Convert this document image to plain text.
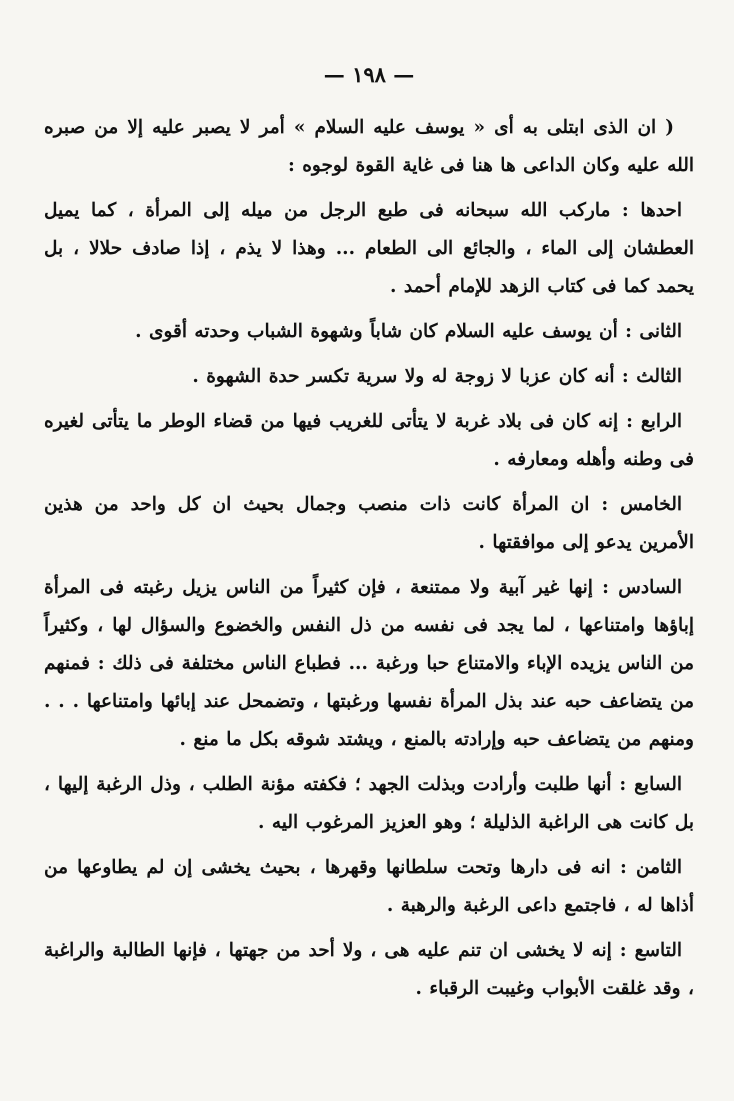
— ١٩٨ —

( ان الذى ابتلى به أى « يوسف عليه السلام » أمر لا يصبر عليه إلا من صبره الله عليه وكان الداعى ها هنا فى غاية القوة لوجوه :

احدها : ماركب الله سبحانه فى طبع الرجل من ميله إلى المرأة ، كما يميل العطشان إلى الماء ، والجائع الى الطعام ... وهذا لا يذم ، إذا صادف حلالا ، بل يحمد كما فى كتاب الزهد للإمام أحمد .

الثانى : أن يوسف عليه السلام كان شاباً وشهوة الشباب وحدته أقوى .

الثالث : أنه كان عزبا لا زوجة له ولا سرية تكسر حدة الشهوة .

الرابع : إنه كان فى بلاد غربة لا يتأتى للغريب فيها من قضاء الوطر ما يتأتى لغيره فى وطنه وأهله ومعارفه .

الخامس : ان المرأة كانت ذات منصب وجمال بحيث ان كل واحد من هذين الأمرين يدعو إلى موافقتها .

السادس : إنها غير آبية ولا ممتنعة ، فإن كثيراً من الناس يزيل رغبته فى المرأة إباؤها وامتناعها ، لما يجد فى نفسه من ذل النفس والخضوع والسؤال لها ، وكثيراً من الناس يزيده الإباء والامتناع حبا ورغبة ... فطباع الناس مختلفة فى ذلك : فمنهم من يتضاعف حبه عند بذل المرأة نفسها ورغبتها ، وتضمحل عند إبائها وامتناعها . . . ومنهم من يتضاعف حبه وإرادته بالمنع ، ويشتد شوقه بكل ما منع .

السابع : أنها طلبت وأرادت وبذلت الجهد ؛ فكفته مؤنة الطلب ، وذل الرغبة إليها ، بل كانت هى الراغبة الذليلة ؛ وهو العزيز المرغوب اليه .

الثامن : انه فى دارها وتحت سلطانها وقهرها ، بحيث يخشى إن لم يطاوعها من أذاها له ، فاجتمع داعى الرغبة والرهبة .

التاسع : إنه لا يخشى ان تنم عليه هى ، ولا أحد من جهتها ، فإنها الطالبة والراغبة ، وقد غلقت الأبواب وغيبت الرقباء .
